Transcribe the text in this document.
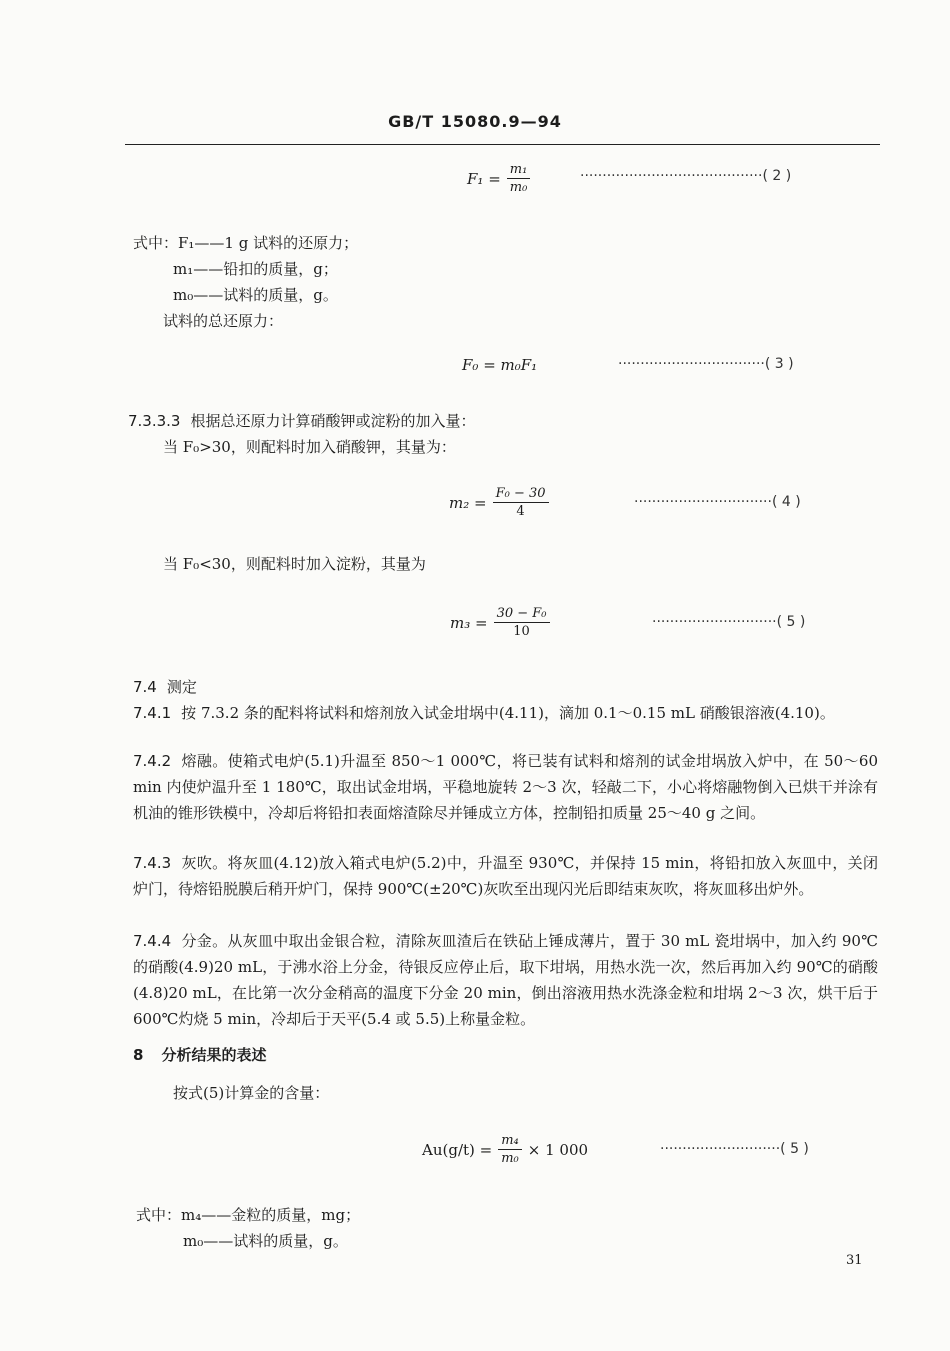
GB/T 15080.9—94
$F_1 = \frac{\text{m₁}}{\text{m₀}}$	·········································( 2 )
式中：F₁——1 g 试料的还原力；
m₁——铅扣的质量，g；
m₀——试料的质量，g。
试料的总还原力：
F₀ = m₀F₁	·································( 3 )
7.3.3.3 根据总还原力计算硝酸钾或淀粉的加入量：
当 F₀>30，则配料时加入硝酸钾，其量为：
$m_2 = \frac{\text{F₀ − 30}}{4}$	·······························( 4 )
当 F₀<30，则配料时加入淀粉，其量为
$m_3 = \frac{\text{30 − F₀}}{10}$	····························( 5 )
7.4 测定
7.4.1 按 7.3.2 条的配料将试料和熔剂放入试金坩埚中(4.11)，滴加 0.1～0.15 mL 硝酸银溶液(4.10)。
7.4.2 熔融。使箱式电炉(5.1)升温至 850～1 000℃，将已装有试料和熔剂的试金坩埚放入炉中，在 50～60 min 内使炉温升至 1 180℃，取出试金坩埚，平稳地旋转 2～3 次，轻敲二下，小心将熔融物倒入已烘干并涂有机油的锥形铁模中，冷却后将铅扣表面熔渣除尽并锤成立方体，控制铅扣质量 25～40 g 之间。
7.4.3 灰吹。将灰皿(4.12)放入箱式电炉(5.2)中，升温至 930℃，并保持 15 min，将铅扣放入灰皿中，关闭炉门，待熔铅脱膜后稍开炉门，保持 900℃(±20℃)灰吹至出现闪光后即结束灰吹，将灰皿移出炉外。
7.4.4 分金。从灰皿中取出金银合粒，清除灰皿渣后在铁砧上锤成薄片，置于 30 mL 瓷坩埚中，加入约 90℃的硝酸(4.9)20 mL，于沸水浴上分金，待银反应停止后，取下坩埚，用热水洗一次，然后再加入约 90℃的硝酸(4.8)20 mL，在比第一次分金稍高的温度下分金 20 min，倒出溶液用热水洗涤金粒和坩埚 2～3 次，烘干后于 600℃灼烧 5 min，冷却后于天平(5.4 或 5.5)上称量金粒。
8 分析结果的表述
按式(5)计算金的含量：
$Au(g/t) = \frac{\text{m₄}}{\text{m₀}} \times 1$ 000	···························( 5 )
式中：m₄——金粒的质量，mg；
m₀——试料的质量，g。
31
